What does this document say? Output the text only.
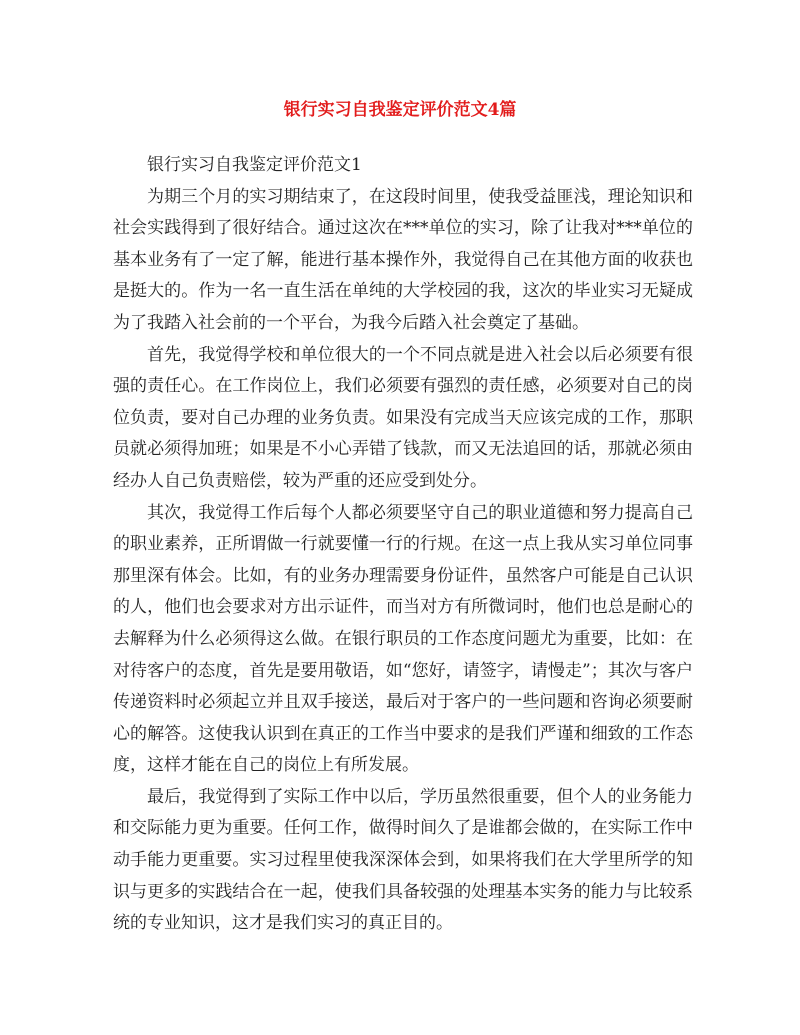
银行实习自我鉴定评价范文4篇

银行实习自我鉴定评价范文1

为期三个月的实习期结束了，在这段时间里，使我受益匪浅，理论知识和社会实践得到了很好结合。通过这次在***单位的实习，除了让我对***单位的基本业务有了一定了解，能进行基本操作外，我觉得自己在其他方面的收获也是挺大的。作为一名一直生活在单纯的大学校园的我，这次的毕业实习无疑成为了我踏入社会前的一个平台，为我今后踏入社会奠定了基础。

首先，我觉得学校和单位很大的一个不同点就是进入社会以后必须要有很强的责任心。在工作岗位上，我们必须要有强烈的责任感，必须要对自己的岗位负责，要对自己办理的业务负责。如果没有完成当天应该完成的工作，那职员就必须得加班；如果是不小心弄错了钱款，而又无法追回的话，那就必须由经办人自己负责赔偿，较为严重的还应受到处分。

其次，我觉得工作后每个人都必须要坚守自己的职业道德和努力提高自己的职业素养，正所谓做一行就要懂一行的行规。在这一点上我从实习单位同事那里深有体会。比如，有的业务办理需要身份证件，虽然客户可能是自己认识的人，他们也会要求对方出示证件，而当对方有所微词时，他们也总是耐心的去解释为什么必须得这么做。在银行职员的工作态度问题尤为重要，比如：在对待客户的态度，首先是要用敬语，如“您好，请签字，请慢走”；其次与客户传递资料时必须起立并且双手接送，最后对于客户的一些问题和咨询必须要耐心的解答。这使我认识到在真正的工作当中要求的是我们严谨和细致的工作态度，这样才能在自己的岗位上有所发展。

最后，我觉得到了实际工作中以后，学历虽然很重要，但个人的业务能力和交际能力更为重要。任何工作，做得时间久了是谁都会做的，在实际工作中动手能力更重要。实习过程里使我深深体会到，如果将我们在大学里所学的知识与更多的实践结合在一起，使我们具备较强的处理基本实务的能力与比较系统的专业知识，这才是我们实习的真正目的。
